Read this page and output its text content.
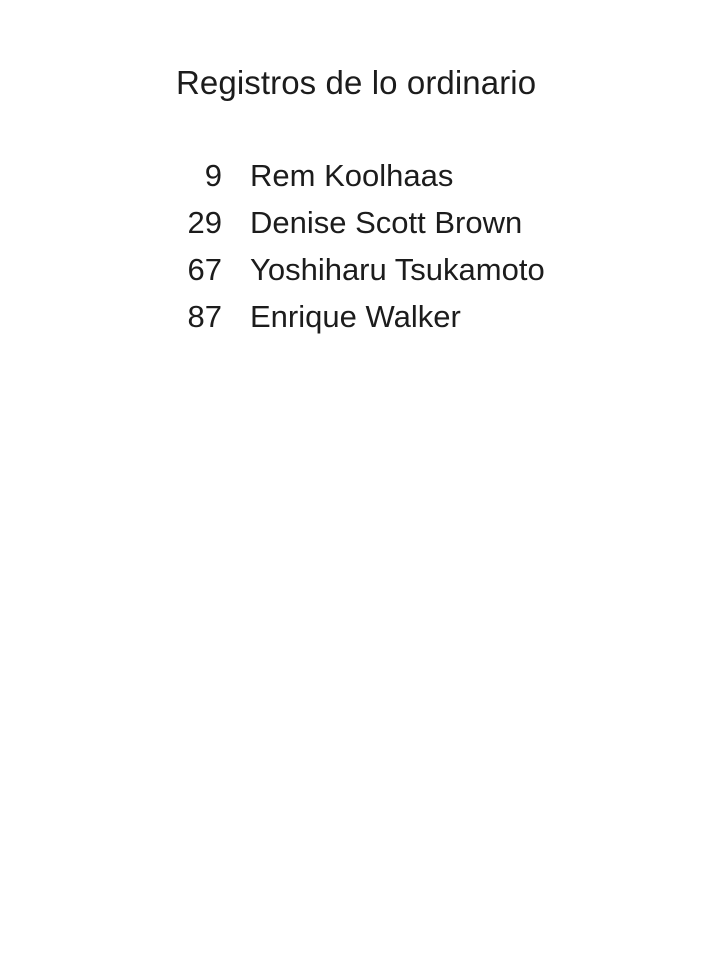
Registros de lo ordinario
9 Rem Koolhaas
29 Denise Scott Brown
67 Yoshiharu Tsukamoto
87 Enrique Walker
